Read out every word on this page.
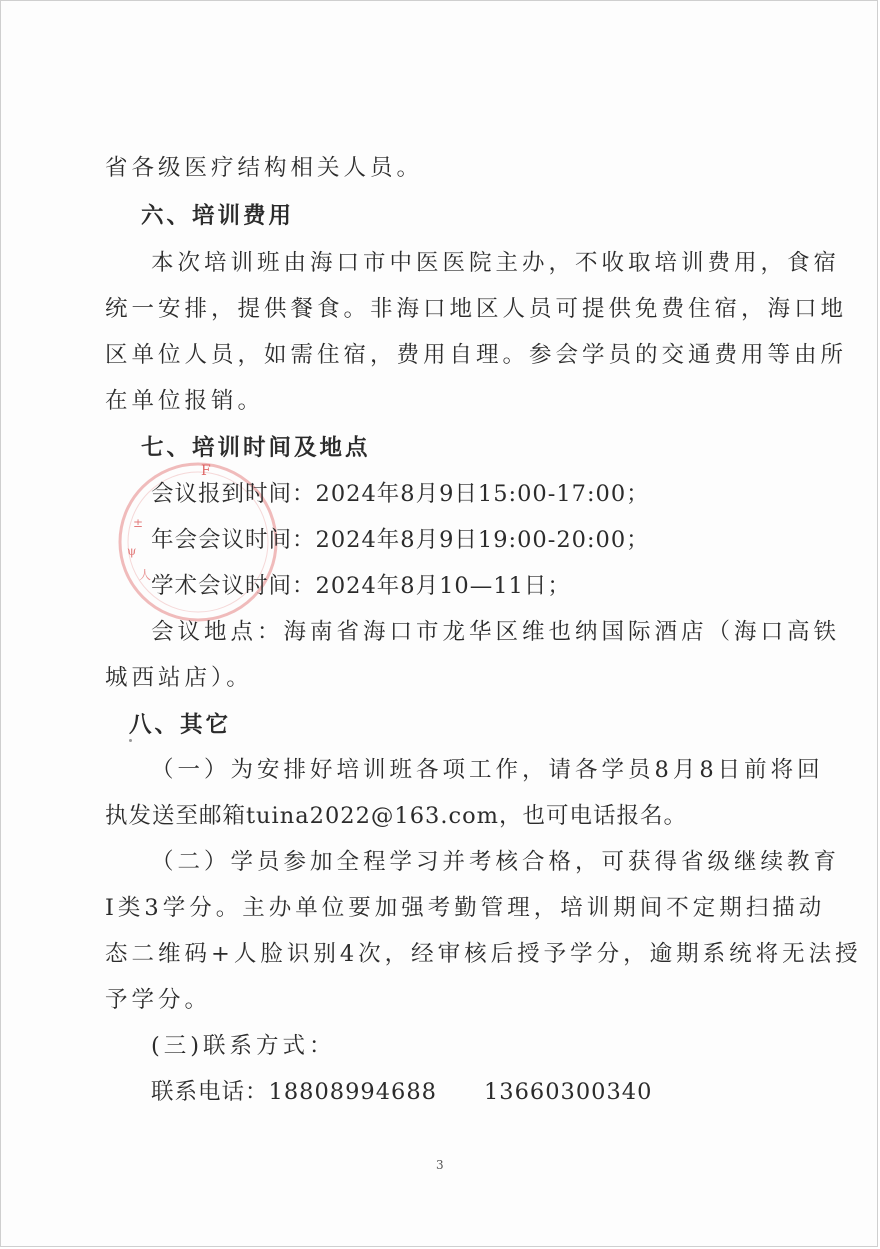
F
±
ψ
人
省各级医疗结构相关人员。
六、培训费用
本次培训班由海口市中医医院主办，不收取培训费用，食宿
统一安排，提供餐食。非海口地区人员可提供免费住宿，海口地
区单位人员，如需住宿，费用自理。参会学员的交通费用等由所
在单位报销。
七、培训时间及地点
会议报到时间：2024年8月9日15:00-17:00；
年会会议时间：2024年8月9日19:00-20:00；
学术会议时间：2024年8月10—11日；
会议地点：海南省海口市龙华区维也纳国际酒店（海口高铁
城西站店）。
八、其它
（一）为安排好培训班各项工作，请各学员8月8日前将回
执发送至邮箱tuina2022@163.com，也可电话报名。
（二）学员参加全程学习并考核合格，可获得省级继续教育
I类3学分。主办单位要加强考勤管理，培训期间不定期扫描动
态二维码+人脸识别4次，经审核后授予学分，逾期系统将无法授
予学分。
(三)联系方式：
联系电话：18808994688　　13660300340
3
